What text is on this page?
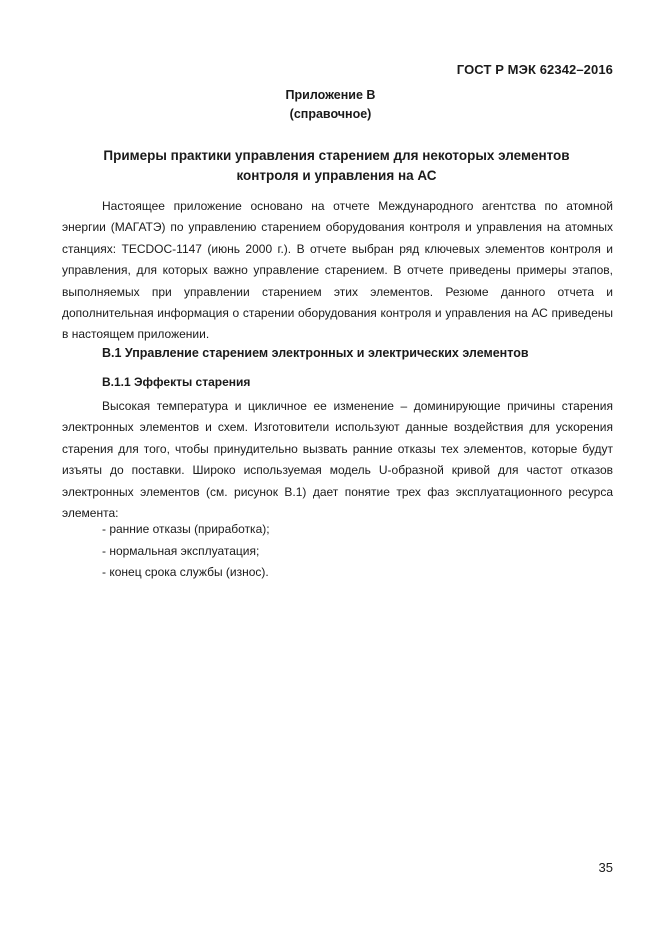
ГОСТ Р МЭК 62342–2016
Приложение В
(справочное)
Примеры практики управления старением для некоторых элементов
контроля и управления на АС

Настоящее приложение основано на отчете Международного агентства по атомной энергии (МАГАТЭ) по управлению старением оборудования контроля и управления на атомных станциях: TECDOC-1147 (июнь 2000 г.). В отчете выбран ряд ключевых элементов контроля и управления, для которых важно управление старением. В отчете приведены примеры этапов, выполняемых при управлении старением этих элементов. Резюме данного отчета и дополнительная информация о старении оборудования контроля и управления на АС приведены в настоящем приложении.

В.1 Управление старением электронных и электрических элементов
В.1.1 Эффекты старения

Высокая температура и цикличное ее изменение – доминирующие причины старения электронных элементов и схем. Изготовители используют данные воздействия для ускорения старения для того, чтобы принудительно вызвать ранние отказы тех элементов, которые будут изъяты до поставки. Широко используемая модель U-образной кривой для частот отказов электронных элементов (см. рисунок В.1) дает понятие трех фаз эксплуатационного ресурса элемента:

- ранние отказы (приработка);
- нормальная эксплуатация;
- конец срока службы (износ).
35
